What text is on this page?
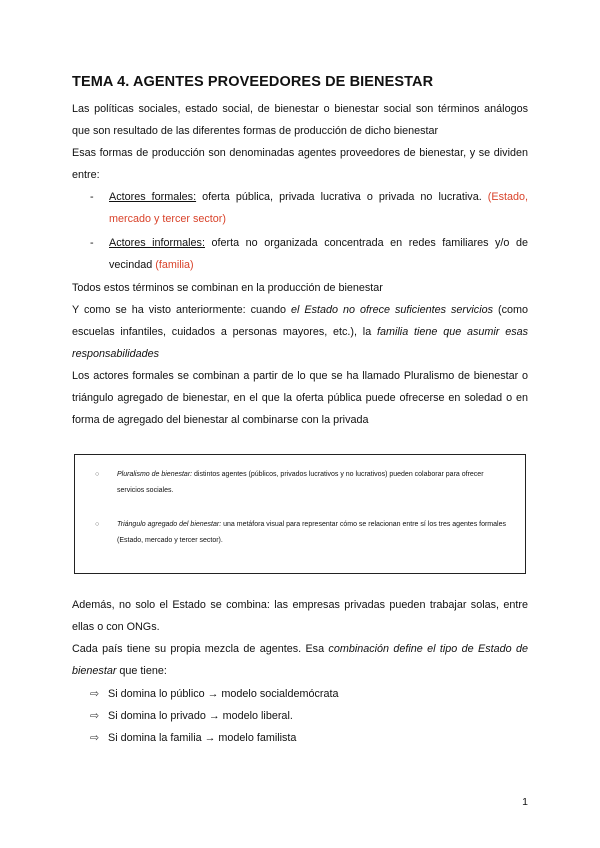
TEMA 4. AGENTES PROVEEDORES DE BIENESTAR

Las políticas sociales, estado social, de bienestar o bienestar social son términos análogos que son resultado de las diferentes formas de producción de dicho bienestar

Esas formas de producción son denominadas agentes proveedores de bienestar, y se dividen entre:

- Actores formales: oferta pública, privada lucrativa o privada no lucrativa. (Estado, mercado y tercer sector)
- Actores informales: oferta no organizada concentrada en redes familiares y/o de vecindad (familia)

Todos estos términos se combinan en la producción de bienestar

Y como se ha visto anteriormente: cuando el Estado no ofrece suficientes servicios (como escuelas infantiles, cuidados a personas mayores, etc.), la familia tiene que asumir esas responsabilidades

Los actores formales se combinan a partir de lo que se ha llamado Pluralismo de bienestar o triángulo agregado de bienestar, en el que la oferta pública puede ofrecerse en soledad o en forma de agregado del bienestar al combinarse con la privada

○	Pluralismo de bienestar: distintos agentes (públicos, privados lucrativos y no lucrativos) pueden colaborar para ofrecer servicios sociales.
○	Triángulo agregado del bienestar: una metáfora visual para representar cómo se relacionan entre sí los tres agentes formales (Estado, mercado y tercer sector).

Además, no solo el Estado se combina: las empresas privadas pueden trabajar solas, entre ellas o con ONGs.

Cada país tiene su propia mezcla de agentes. Esa combinación define el tipo de Estado de bienestar que tiene:

⇨ Si domina lo público → modelo socialdemócrata
⇨ Si domina lo privado → modelo liberal.
⇨ Si domina la familia → modelo familista
1
